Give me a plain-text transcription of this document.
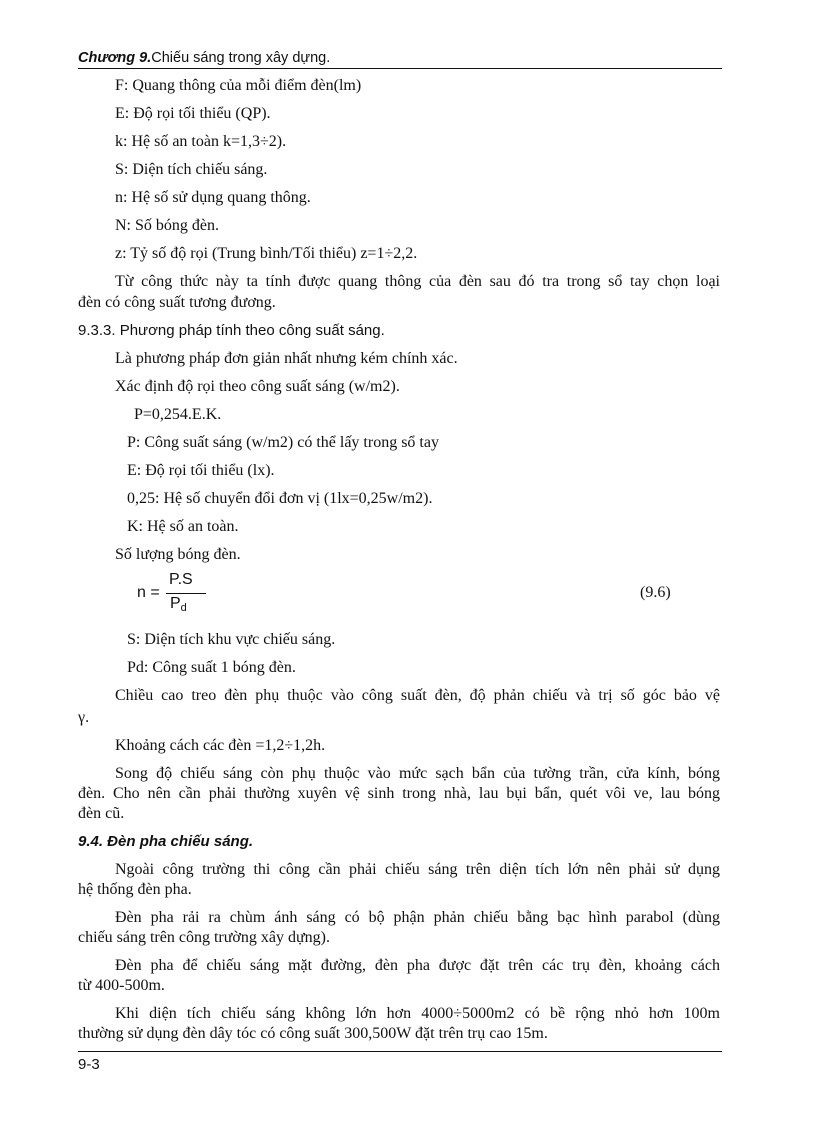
Chương 9.Chiếu sáng trong xây dựng.
F: Quang thông của mỗi điểm đèn(lm)
E: Độ rọi tối thiểu (QP).
k: Hệ số an toàn k=1,3÷2).
S: Diện tích chiếu sáng.
n: Hệ số sử dụng quang thông.
N: Số bóng đèn.
z: Tỷ số độ rọi (Trung bình/Tối thiểu) z=1÷2,2.
Từ công thức này ta tính được quang thông của đèn sau đó tra trong sổ tay chọn loại
đèn có công suất tương đương.
9.3.3. Phương pháp tính theo công suất sáng.
Là phương pháp đơn giản nhất nhưng kém chính xác.
Xác định độ rọi theo công suất sáng (w/m2).
P=0,254.E.K.
P: Công suất sáng (w/m2) có thể lấy trong sổ tay
E: Độ rọi tối thiểu (lx).
0,25: Hệ số chuyển đổi đơn vị (1lx=0,25w/m2).
K: Hệ số an toàn.
Số lượng bóng đèn.
n =
P.S
$P_d$
(9.6)
S: Diện tích khu vực chiếu sáng.
Pd: Công suất 1 bóng đèn.
Chiều cao treo đèn phụ thuộc vào công suất đèn, độ phản chiếu và trị số góc bảo vệ
γ.
Khoảng cách các đèn =1,2÷1,2h.
Song độ chiếu sáng còn phụ thuộc vào mức sạch bẩn của tường trần, cửa kính, bóng
đèn. Cho nên cần phải thường xuyên vệ sinh trong nhà, lau bụi bẩn, quét vôi ve, lau bóng
đèn cũ.
9.4. Đèn pha chiếu sáng.
Ngoài công trường thi công cần phải chiếu sáng trên diện tích lớn nên phải sử dụng
hệ thống đèn pha.
Đèn pha rải ra chùm ánh sáng có bộ phận phản chiếu bằng bạc hình parabol (dùng
chiếu sáng trên công trường xây dựng).
Đèn pha để chiếu sáng mặt đường, đèn pha được đặt trên các trụ đèn, khoảng cách
từ 400-500m.
Khi diện tích chiếu sáng không lớn hơn 4000÷5000m2 có bề rộng nhỏ hơn 100m
thường sử dụng đèn dây tóc có công suất 300,500W đặt trên trụ cao 15m.
9-3
